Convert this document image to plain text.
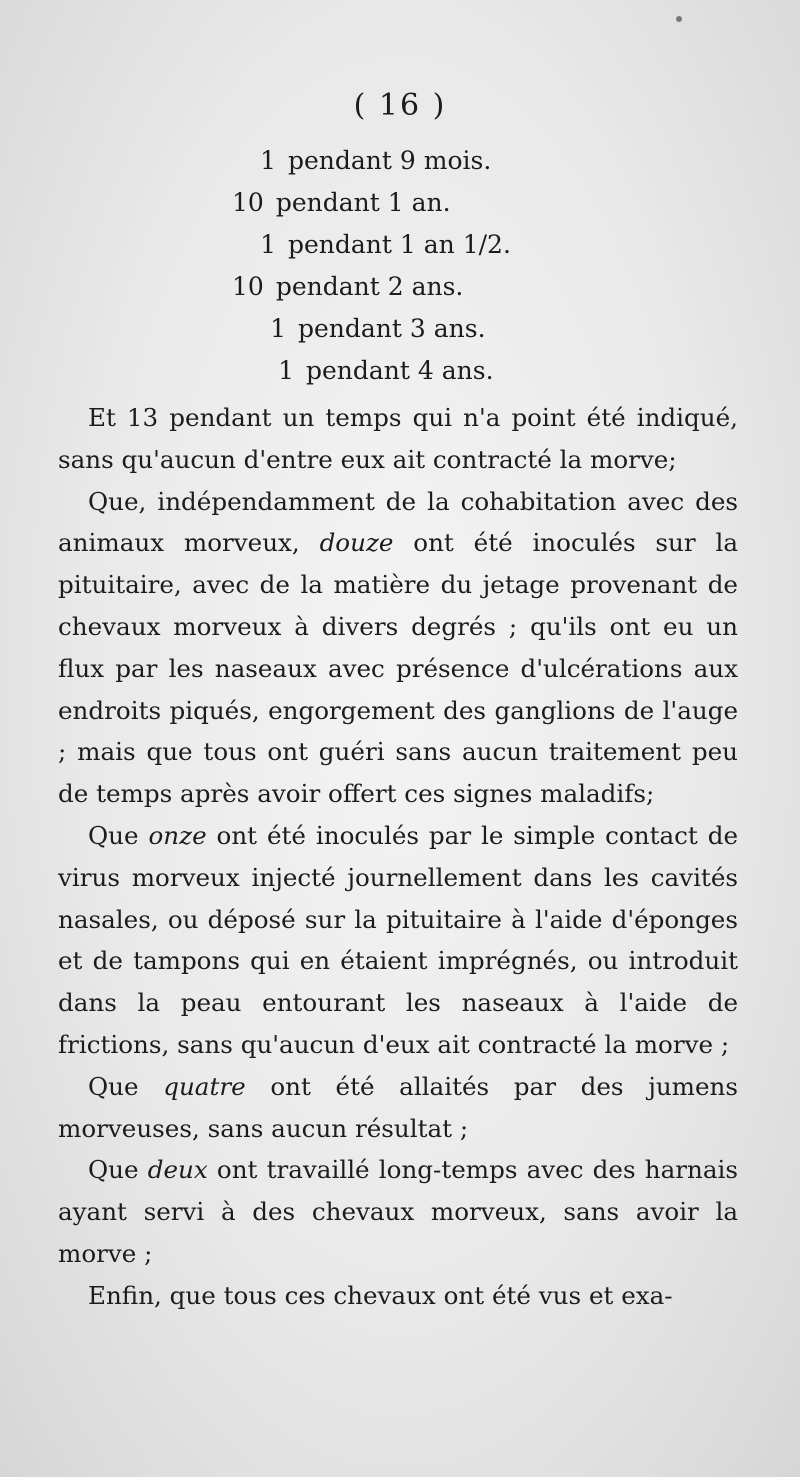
( 16 )
1 pendant 9 mois.
10 pendant 1 an.
1 pendant 1 an 1/2.
10 pendant 2 ans.
1 pendant 3 ans.
1 pendant 4 ans.

Et 13 pendant un temps qui n'a point été indiqué, sans qu'aucun d'entre eux ait contracté la morve;

Que, indépendamment de la cohabitation avec des animaux morveux, douze ont été inoculés sur la pituitaire, avec de la matière du jetage provenant de chevaux morveux à divers degrés ; qu'ils ont eu un flux par les naseaux avec présence d'ulcérations aux endroits piqués, engorgement des ganglions de l'auge ; mais que tous ont guéri sans aucun traitement peu de temps après avoir offert ces signes maladifs;

Que onze ont été inoculés par le simple contact de virus morveux injecté journellement dans les cavités nasales, ou déposé sur la pituitaire à l'aide d'éponges et de tampons qui en étaient imprégnés, ou introduit dans la peau entourant les naseaux à l'aide de frictions, sans qu'aucun d'eux ait contracté la morve ;

Que quatre ont été allaités par des jumens morveuses, sans aucun résultat ;

Que deux ont travaillé long-temps avec des harnais ayant servi à des chevaux morveux, sans avoir la morve ;

Enfin, que tous ces chevaux ont été vus et exa-
